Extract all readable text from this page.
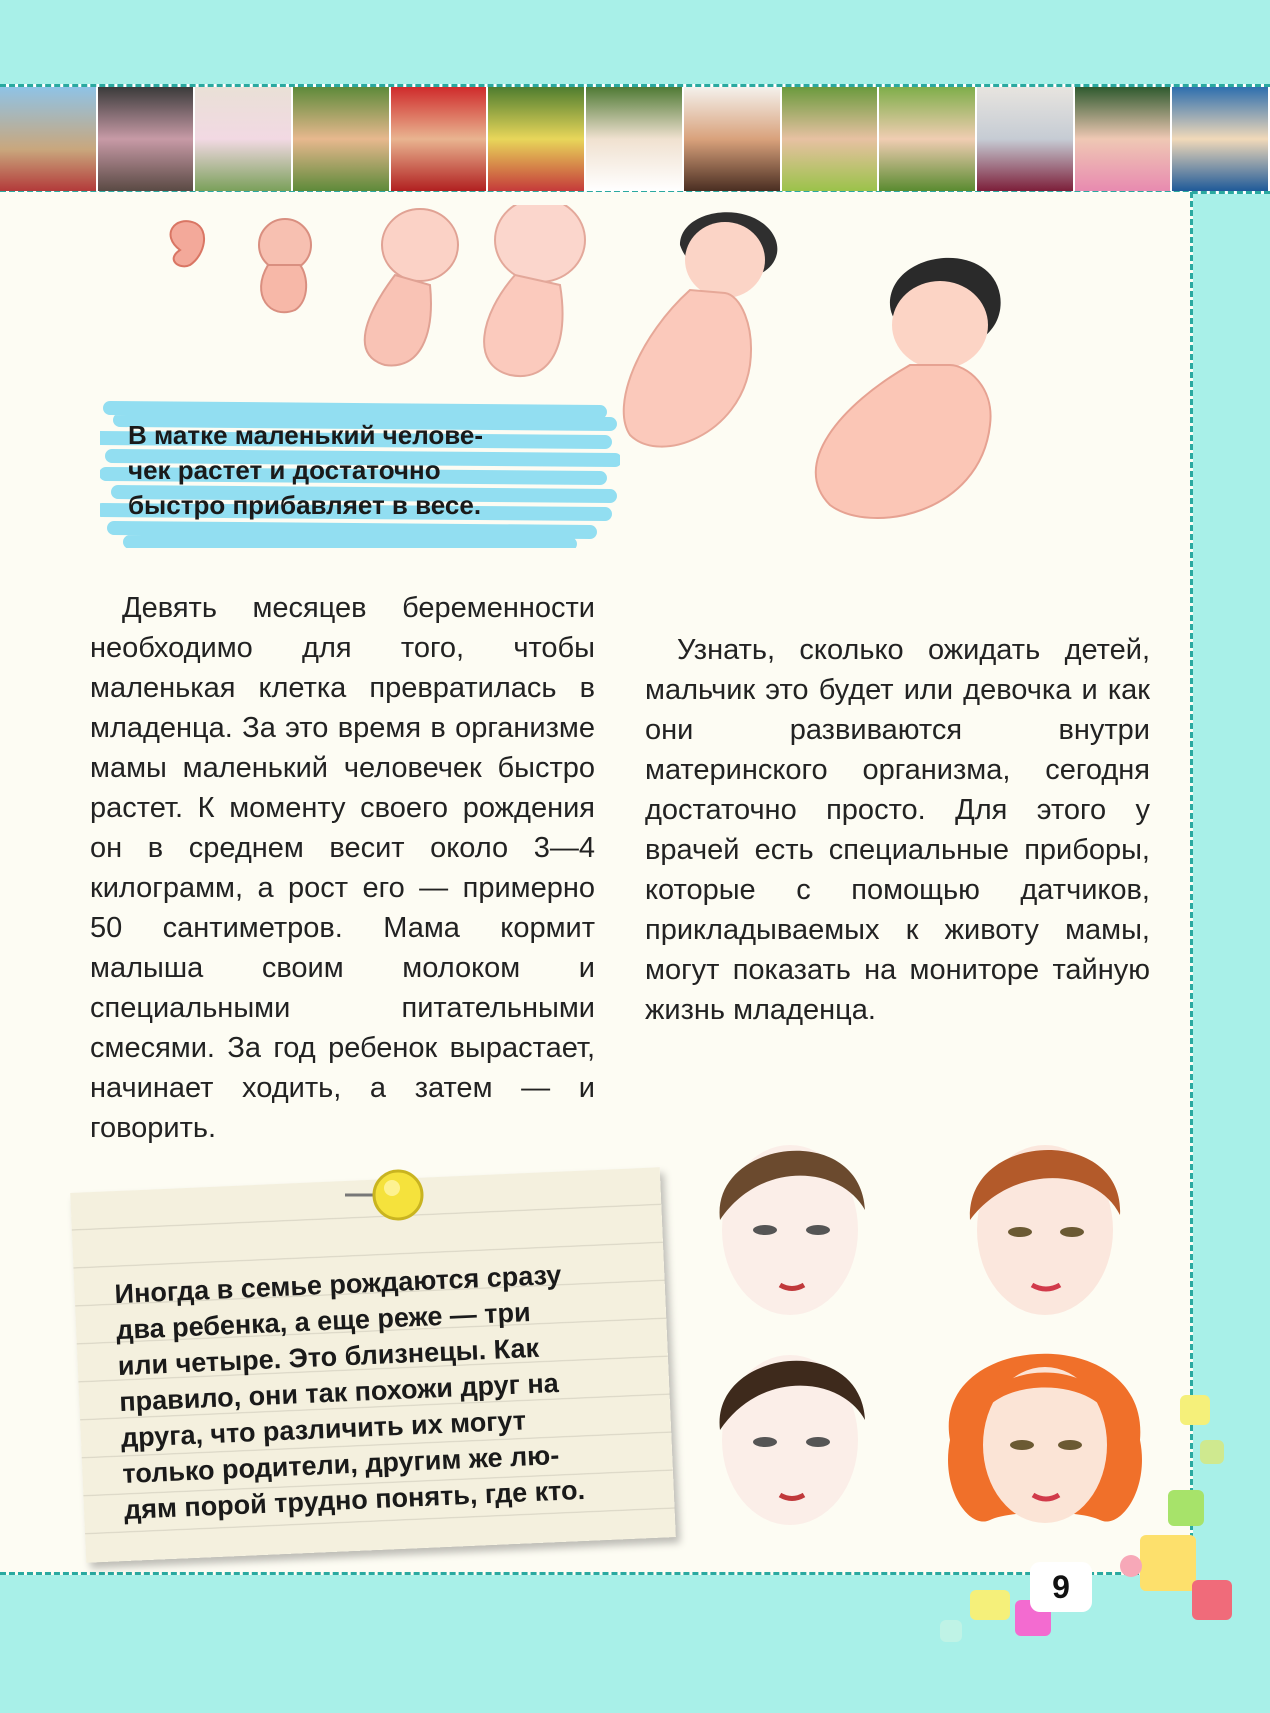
В матке маленький челове-
чек растет и достаточно
быстро прибавляет в весе.

Девять месяцев беременности необходимо для того, чтобы маленькая клетка превратилась в младенца. За это время в организме мамы маленький человечек быстро растет. К моменту своего рождения он в среднем весит около 3—4 килограмм, а рост его — примерно 50 сантиметров. Мама кормит малыша своим молоком и специальными питательными смесями. За год ребенок вырастает, начинает ходить, а затем — и говорить.

Узнать, сколько ожидать детей, мальчик это будет или девочка и как они развиваются внутри материнского организма, сегодня достаточно просто. Для этого у врачей есть специальные приборы, которые с помощью датчиков, прикладываемых к животу мамы, могут показать на мониторе тайную жизнь младенца.

Иногда в семье рождаются сразу
два ребенка, а еще реже — три
или четыре. Это близнецы. Как
правило, они так похожи друг на
друга, что различить их могут
только родители, другим же лю-
дям порой трудно понять, где кто.

9
